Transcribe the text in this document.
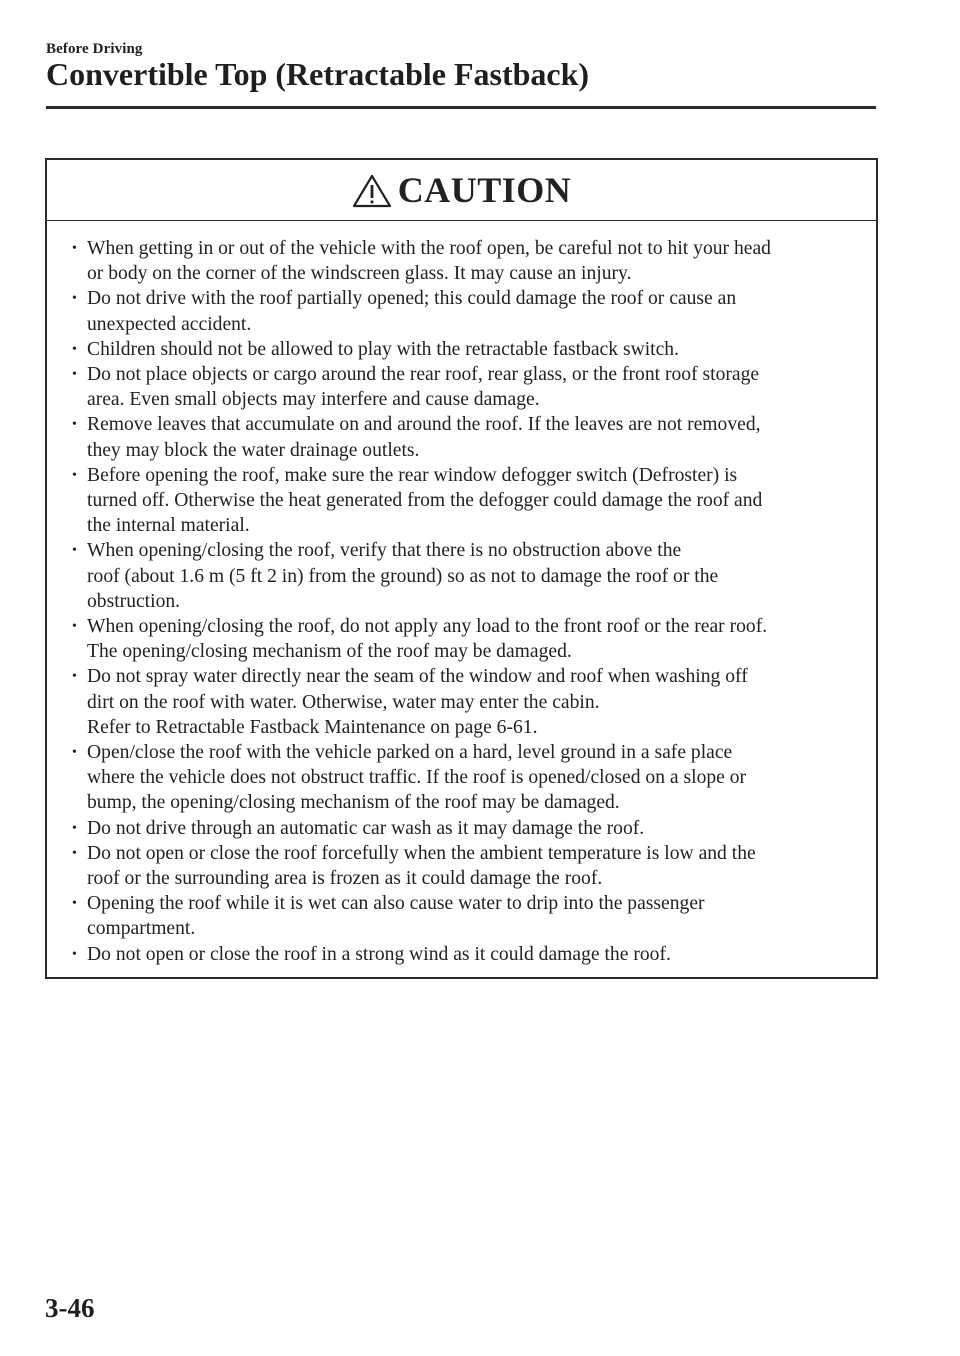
Before Driving
Convertible Top (Retractable Fastback)
CAUTION
• When getting in or out of the vehicle with the roof open, be careful not to hit your head
or body on the corner of the windscreen glass. It may cause an injury.
• Do not drive with the roof partially opened; this could damage the roof or cause an
unexpected accident.
• Children should not be allowed to play with the retractable fastback switch.
• Do not place objects or cargo around the rear roof, rear glass, or the front roof storage
area. Even small objects may interfere and cause damage.
• Remove leaves that accumulate on and around the roof. If the leaves are not removed,
they may block the water drainage outlets.
• Before opening the roof, make sure the rear window defogger switch (Defroster) is
turned off. Otherwise the heat generated from the defogger could damage the roof and
the internal material.
• When opening/closing the roof, verify that there is no obstruction above the
roof (about 1.6 m (5 ft 2 in) from the ground) so as not to damage the roof or the
obstruction.
• When opening/closing the roof, do not apply any load to the front roof or the rear roof.
The opening/closing mechanism of the roof may be damaged.
• Do not spray water directly near the seam of the window and roof when washing off
dirt on the roof with water. Otherwise, water may enter the cabin.
Refer to Retractable Fastback Maintenance on page 6-61.
• Open/close the roof with the vehicle parked on a hard, level ground in a safe place
where the vehicle does not obstruct traffic. If the roof is opened/closed on a slope or
bump, the opening/closing mechanism of the roof may be damaged.
• Do not drive through an automatic car wash as it may damage the roof.
• Do not open or close the roof forcefully when the ambient temperature is low and the
roof or the surrounding area is frozen as it could damage the roof.
• Opening the roof while it is wet can also cause water to drip into the passenger
compartment.
• Do not open or close the roof in a strong wind as it could damage the roof.
3-46
